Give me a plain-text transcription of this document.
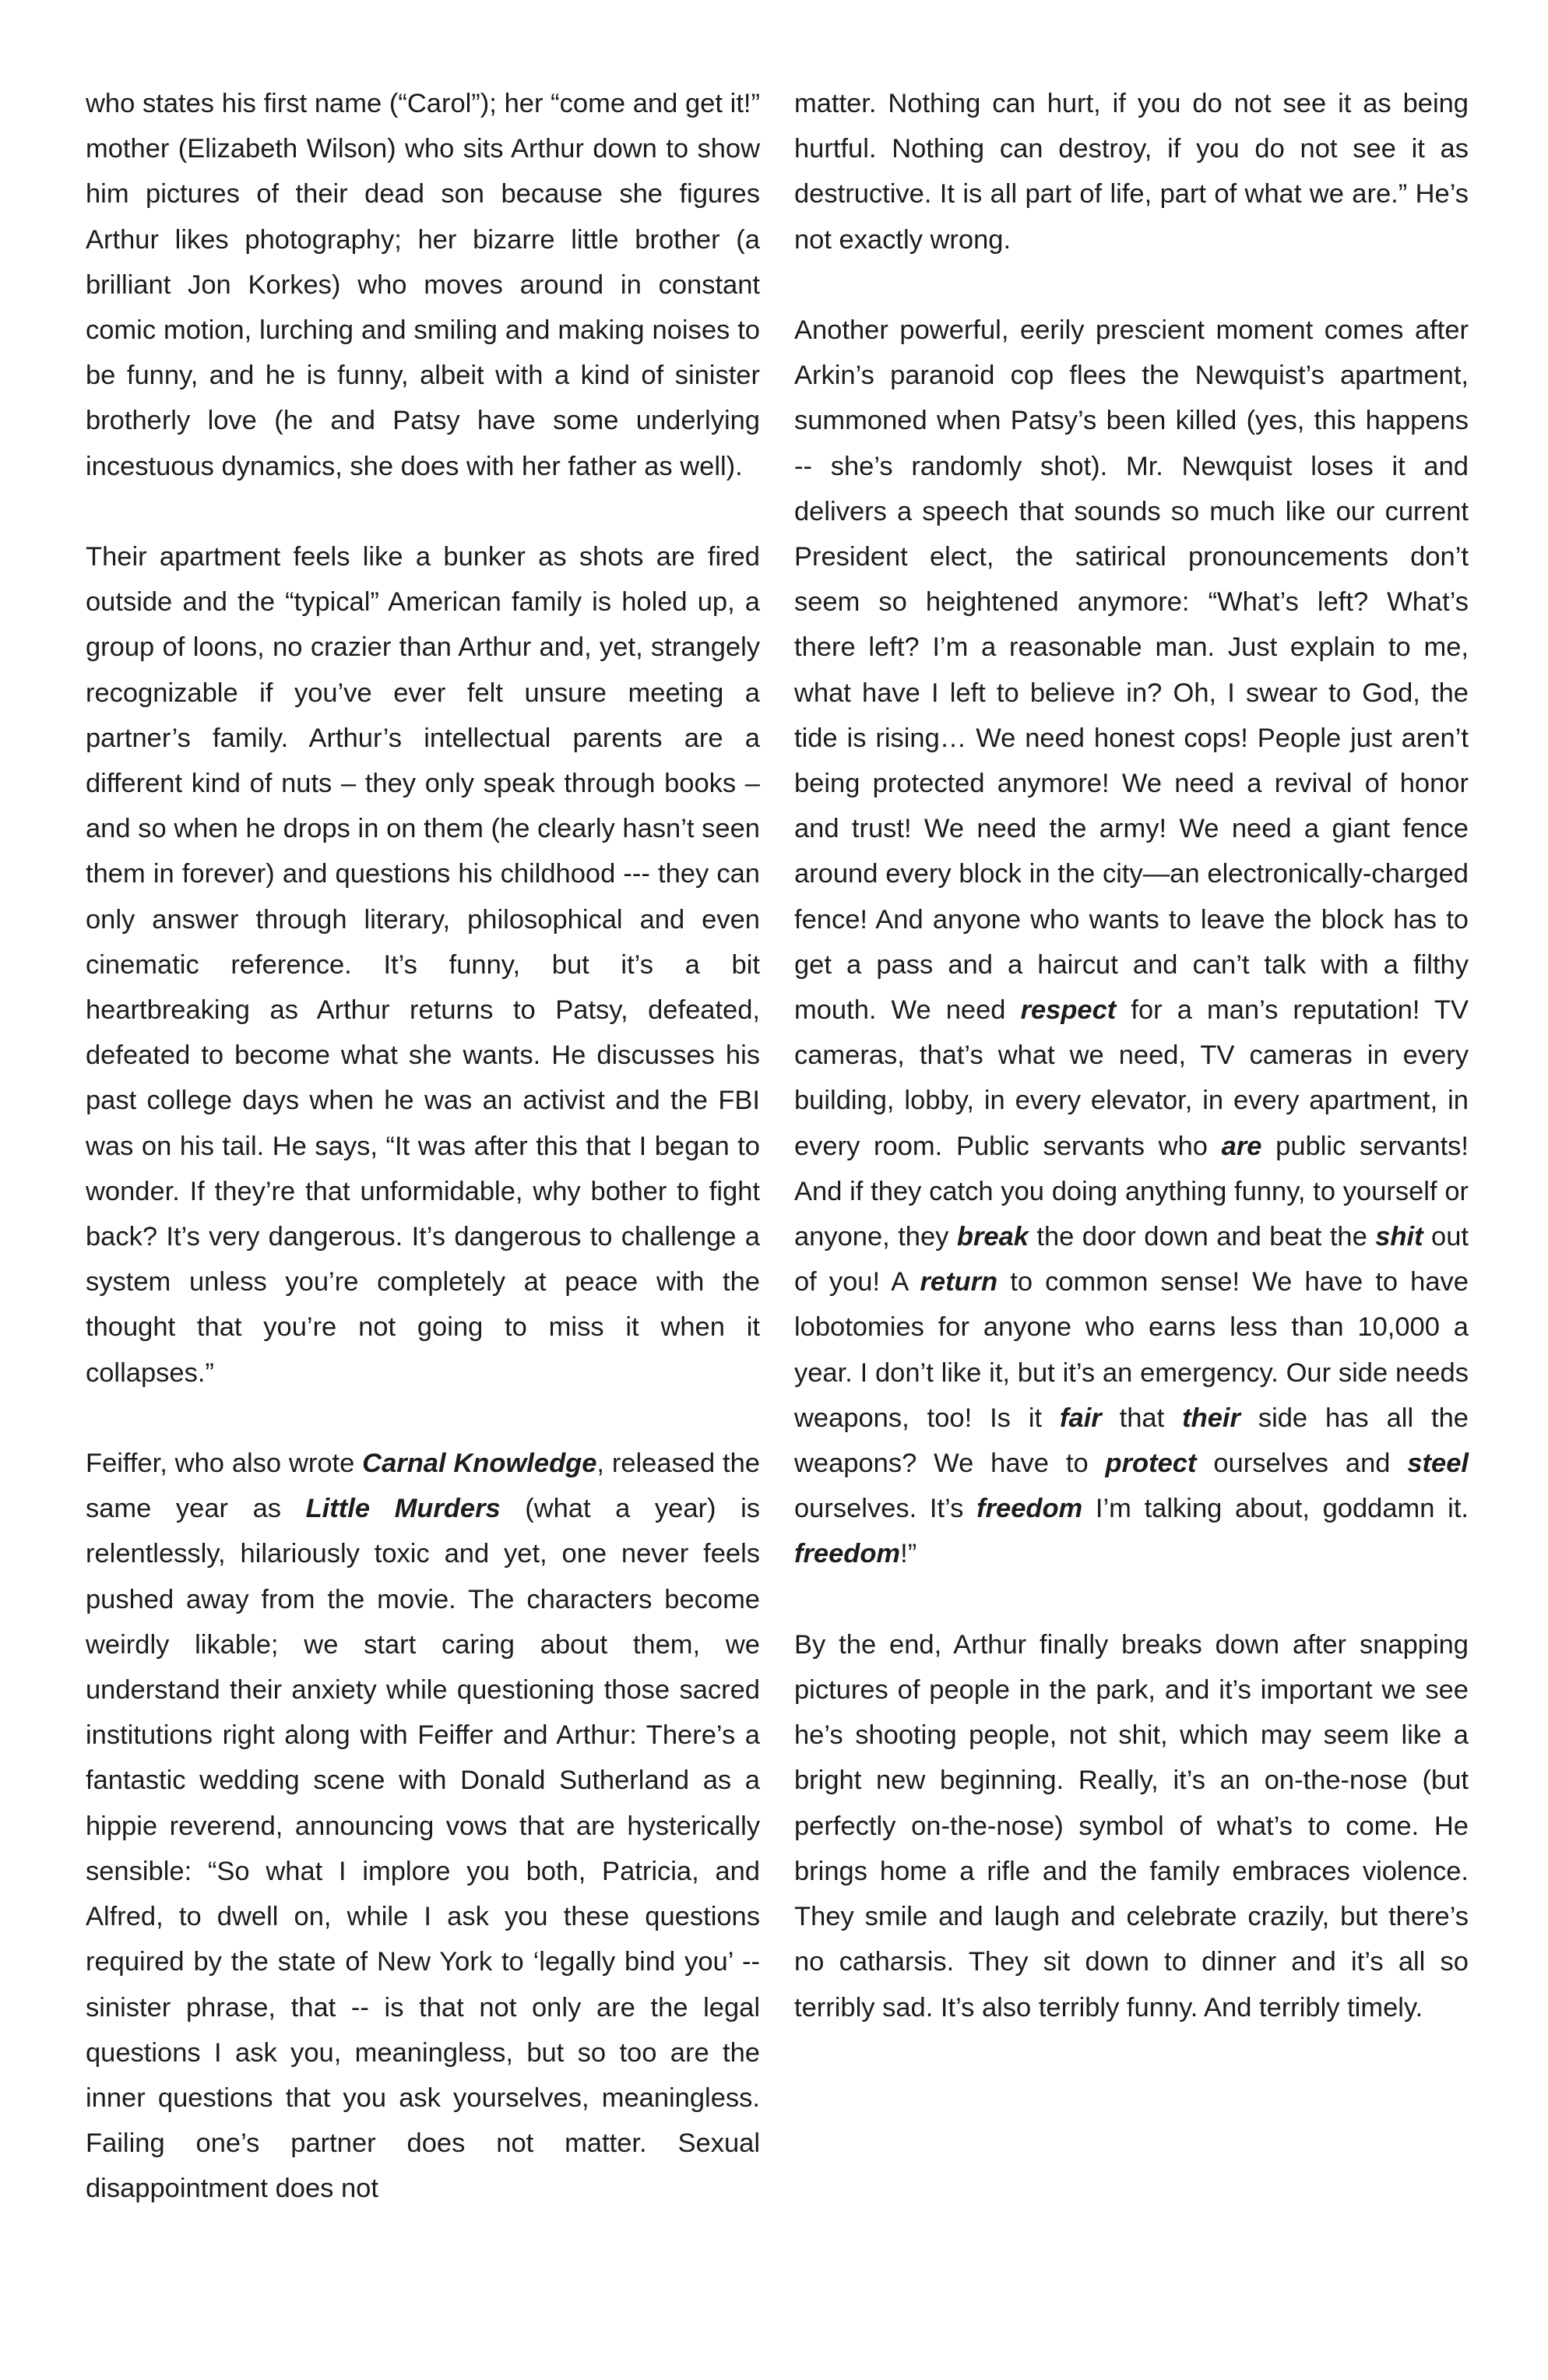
who states his first name (“Carol”); her “come and get it!” mother (Elizabeth Wilson) who sits Arthur down to show him pictures of their dead son because she figures Arthur likes photography; her bizarre little brother (a brilliant Jon Korkes) who moves around in constant comic motion, lurching and smiling and making noises to be funny, and he is funny, albeit with a kind of sinister brotherly love (he and Patsy have some underlying incestuous dynamics, she does with her father as well).

Their apartment feels like a bunker as shots are fired outside and the “typical” American family is holed up, a group of loons, no crazier than Arthur and, yet, strangely recognizable if you’ve ever felt unsure meeting a partner’s family. Arthur’s intellectual parents are a different kind of nuts – they only speak through books – and so when he drops in on them (he clearly hasn’t seen them in forever) and questions his childhood --- they can only answer through literary, philosophical and even cinematic reference. It’s funny, but it’s a bit heartbreaking as Arthur returns to Patsy, defeated, defeated to become what she wants. He discusses his past college days when he was an activist and the FBI was on his tail. He says, “It was after this that I began to wonder. If they’re that unformidable, why bother to fight back? It’s very dangerous. It’s dangerous to challenge a system unless you’re completely at peace with the thought that you’re not going to miss it when it collapses.”

Feiffer, who also wrote Carnal Knowledge, released the same year as Little Murders (what a year) is relentlessly, hilariously toxic and yet, one never feels pushed away from the movie. The characters become weirdly likable; we start caring about them, we understand their anxiety while questioning those sacred institutions right along with Feiffer and Arthur: There’s a fantastic wedding scene with Donald Sutherland as a hippie reverend, announcing vows that are hysterically sensible: “So what I implore you both, Patricia, and Alfred, to dwell on, while I ask you these questions required by the state of New York to ‘legally bind you’ -- sinister phrase, that -- is that not only are the legal questions I ask you, meaningless, but so too are the inner questions that you ask yourselves, meaningless. Failing one’s partner does not matter. Sexual disappointment does not

matter. Nothing can hurt, if you do not see it as being hurtful. Nothing can destroy, if you do not see it as destructive. It is all part of life, part of what we are.” He’s not exactly wrong.

Another powerful, eerily prescient moment comes after Arkin’s paranoid cop flees the Newquist’s apartment, summoned when Patsy’s been killed (yes, this happens -- she’s randomly shot). Mr. Newquist loses it and delivers a speech that sounds so much like our current President elect, the satirical pronouncements don’t seem so heightened anymore: “What’s left? What’s there left? I’m a reasonable man. Just explain to me, what have I left to believe in? Oh, I swear to God, the tide is rising… We need honest cops! People just aren’t being protected anymore! We need a revival of honor and trust! We need the army! We need a giant fence around every block in the city—an electronically-charged fence! And anyone who wants to leave the block has to get a pass and a haircut and can’t talk with a filthy mouth. We need respect for a man’s reputation! TV cameras, that’s what we need, TV cameras in every building, lobby, in every elevator, in every apartment, in every room. Public servants who are public servants! And if they catch you doing anything funny, to yourself or anyone, they break the door down and beat the shit out of you! A return to common sense! We have to have lobotomies for anyone who earns less than 10,000 a year. I don’t like it, but it’s an emergency. Our side needs weapons, too! Is it fair that their side has all the weapons? We have to protect ourselves and steel ourselves. It’s freedom I’m talking about, goddamn it. freedom!”

By the end, Arthur finally breaks down after snapping pictures of people in the park, and it’s important we see he’s shooting people, not shit, which may seem like a bright new beginning. Really, it’s an on-the-nose (but perfectly on-the-nose) symbol of what’s to come. He brings home a rifle and the family embraces violence. They smile and laugh and celebrate crazily, but there’s no catharsis. They sit down to dinner and it’s all so terribly sad. It’s also terribly funny. And terribly timely.
